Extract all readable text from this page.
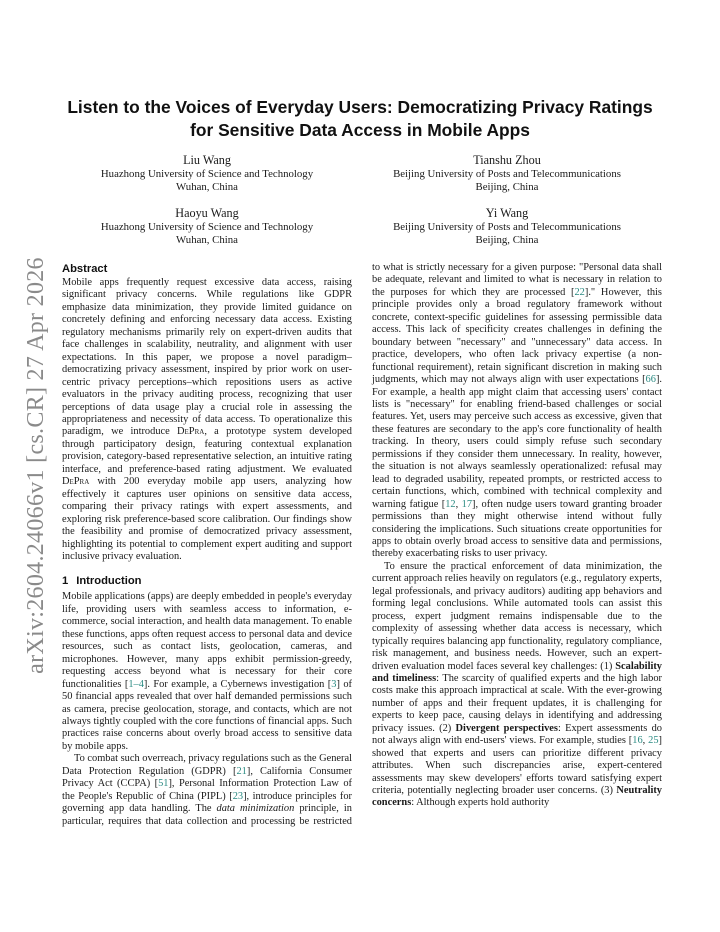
arXiv:2604.24066v1 [cs.CR] 27 Apr 2026
Listen to the Voices of Everyday Users: Democratizing Privacy Ratings for Sensitive Data Access in Mobile Apps
Liu Wang
Huazhong University of Science and Technology
Wuhan, China
Tianshu Zhou
Beijing University of Posts and Telecommunications
Beijing, China
Haoyu Wang
Huazhong University of Science and Technology
Wuhan, China
Yi Wang
Beijing University of Posts and Telecommunications
Beijing, China
Abstract

Mobile apps frequently request excessive data access, raising significant privacy concerns. While regulations like GDPR emphasize data minimization, they provide limited guidance on concretely defining and enforcing necessary data access. Existing regulatory mechanisms primarily rely on expert-driven audits that face challenges in scalability, neutrality, and alignment with user expectations. In this paper, we propose a novel paradigm–democratizing privacy assessment, inspired by prior work on user-centric privacy perceptions–which repositions users as active evaluators in the privacy auditing process, recognizing that user perceptions of data usage play a crucial role in assessing the appropriateness and necessity of data access. To operationalize this paradigm, we introduce DePra, a prototype system developed through participatory design, featuring contextual explanation provision, category-based representative selection, an intuitive rating interface, and preference-based rating adjustment. We evaluated DePra with 200 everyday mobile app users, analyzing how effectively it captures user opinions on sensitive data access, comparing their privacy ratings with expert assessments, and exploring risk preference-based score calibration. Our findings show the feasibility and promise of democratized privacy assessment, highlighting its potential to complement expert auditing and support inclusive privacy evaluation.

1 Introduction

Mobile applications (apps) are deeply embedded in people's everyday life, providing users with seamless access to information, e-commerce, social interaction, and health data management. To enable these functions, apps often request access to personal data and device resources, such as contact lists, geolocation, cameras, and microphones. However, many apps exhibit permission-greedy, requesting access beyond what is necessary for their core functionalities [1–4]. For example, a Cybernews investigation [3] of 50 financial apps revealed that over half demanded permissions such as camera, precise geolocation, storage, and contacts, which are not always tightly coupled with the core functions of financial apps. Such practices raise concerns about overly broad access to sensitive data by mobile apps.

To combat such overreach, privacy regulations such as the General Data Protection Regulation (GDPR) [21], California Consumer Privacy Act (CCPA) [51], Personal Information Protection Law of the People's Republic of China (PIPL) [23], introduce principles for governing app data handling. The data minimization principle, in particular, requires that data collection and processing be restricted

to what is strictly necessary for a given purpose: "Personal data shall be adequate, relevant and limited to what is necessary in relation to the purposes for which they are processed [22]." However, this principle provides only a broad regulatory framework without concrete, context-specific guidelines for assessing permissible data access. This lack of specificity creates challenges in defining the boundary between "necessary" and "unnecessary" data access. In practice, developers, who often lack privacy expertise (a non-functional requirement), retain significant discretion in making such judgments, which may not always align with user expectations [66]. For example, a health app might claim that accessing users' contact lists is "necessary" for enabling friend-based challenges or social features. Yet, users may perceive such access as excessive, given that these features are secondary to the app's core functionality of health tracking. In theory, users could simply refuse such secondary permissions if they consider them unnecessary. In reality, however, the situation is not always seamlessly operationalized: refusal may lead to degraded usability, repeated prompts, or restricted access to certain functions, which, combined with technical complexity and warning fatigue [12, 17], often nudge users toward granting broader permissions than they might otherwise intend without fully considering the implications. Such situations create opportunities for apps to obtain overly broad access to sensitive data and permissions, thereby exacerbating risks to user privacy.

To ensure the practical enforcement of data minimization, the current approach relies heavily on regulators (e.g., regulatory experts, legal professionals, and privacy auditors) auditing app behaviors and forming legal conclusions. While automated tools can assist this process, expert judgment remains indispensable due to the complexity of assessing whether data access is necessary, which typically requires balancing app functionality, regulatory compliance, risk management, and business needs. However, such an expert-driven evaluation model faces several key challenges: (1) Scalability and timeliness: The scarcity of qualified experts and the high labor costs make this approach impractical at scale. With the ever-growing number of apps and their frequent updates, it is challenging for experts to keep pace, causing delays in identifying and addressing privacy issues. (2) Divergent perspectives: Expert assessments do not always align with end-users' views. For example, studies [16, 25] showed that experts and users can prioritize different privacy attributes. When such discrepancies arise, expert-centered assessments may skew developers' efforts toward satisfying expert criteria, potentially neglecting broader user concerns. (3) Neutrality concerns: Although experts hold authority
